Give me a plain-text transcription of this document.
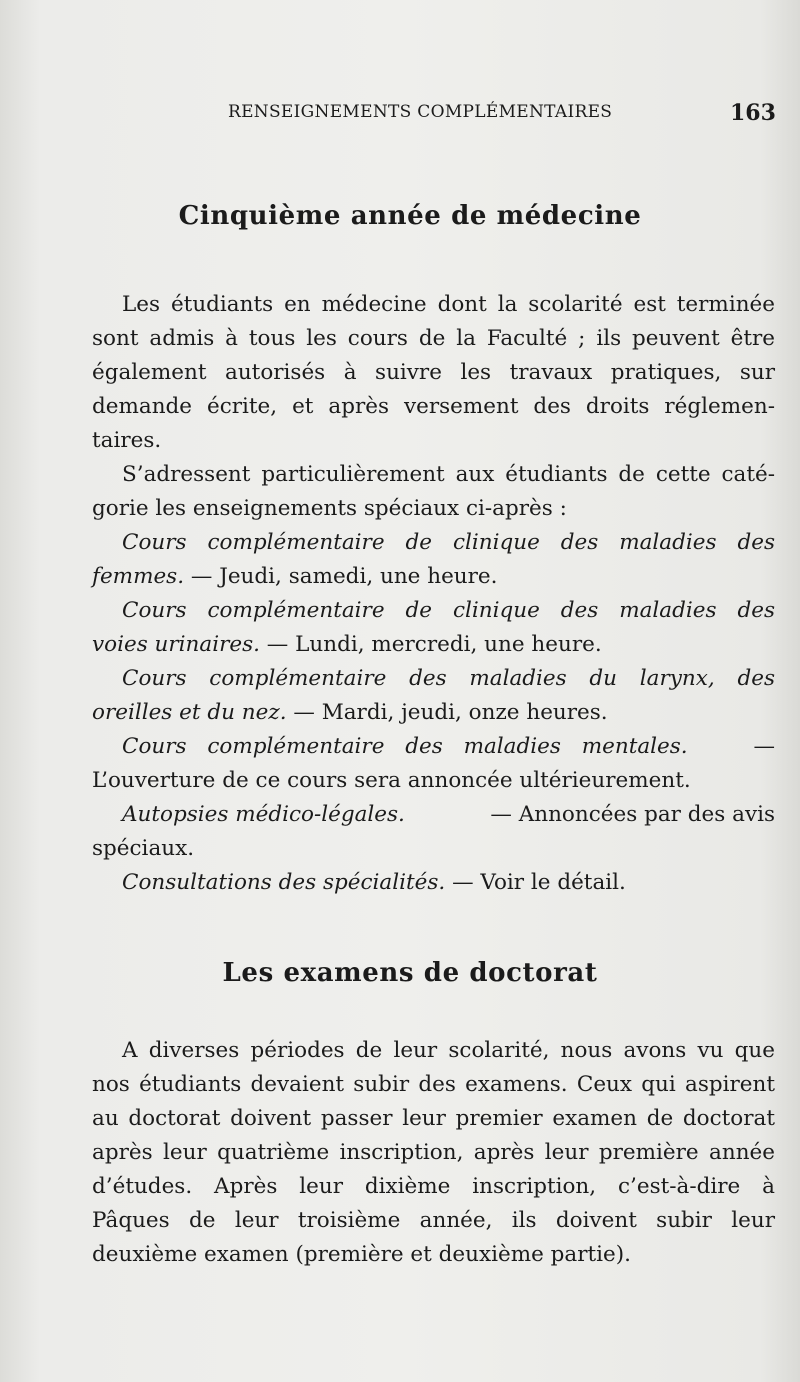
RENSEIGNEMENTS COMPLÉMENTAIRES	163
Cinquième année de médecine
Les étudiants en médecine dont la scolarité est terminée
sont admis à tous les cours de la Faculté ; ils peuvent être
également autorisés à suivre les travaux pratiques, sur
demande écrite, et après versement des droits réglemen-
taires.
S’adressent particulièrement aux étudiants de cette caté-
gorie les enseignements spéciaux ci-après :
Cours complémentaire de clinique des maladies des
femmes. — Jeudi, samedi, une heure.
Cours complémentaire de clinique des maladies des
voies urinaires. — Lundi, mercredi, une heure.
Cours complémentaire des maladies du larynx, des
oreilles et du nez. — Mardi, jeudi, onze heures.
Cours complémentaire des maladies mentales.	—
L’ouverture de ce cours sera annoncée ultérieurement.
Autopsies médico-légales.	— Annoncées par des avis
spéciaux.
Consultations des spécialités. — Voir le détail.
Les examens de doctorat
A diverses périodes de leur scolarité, nous avons vu que
nos étudiants devaient subir des examens. Ceux qui aspirent
au doctorat doivent passer leur premier examen de doctorat
après leur quatrième inscription, après leur première année
d’études. Après leur dixième inscription, c’est-à-dire à
Pâques de leur troisième année, ils doivent subir leur
deuxième examen (première et deuxième partie).
